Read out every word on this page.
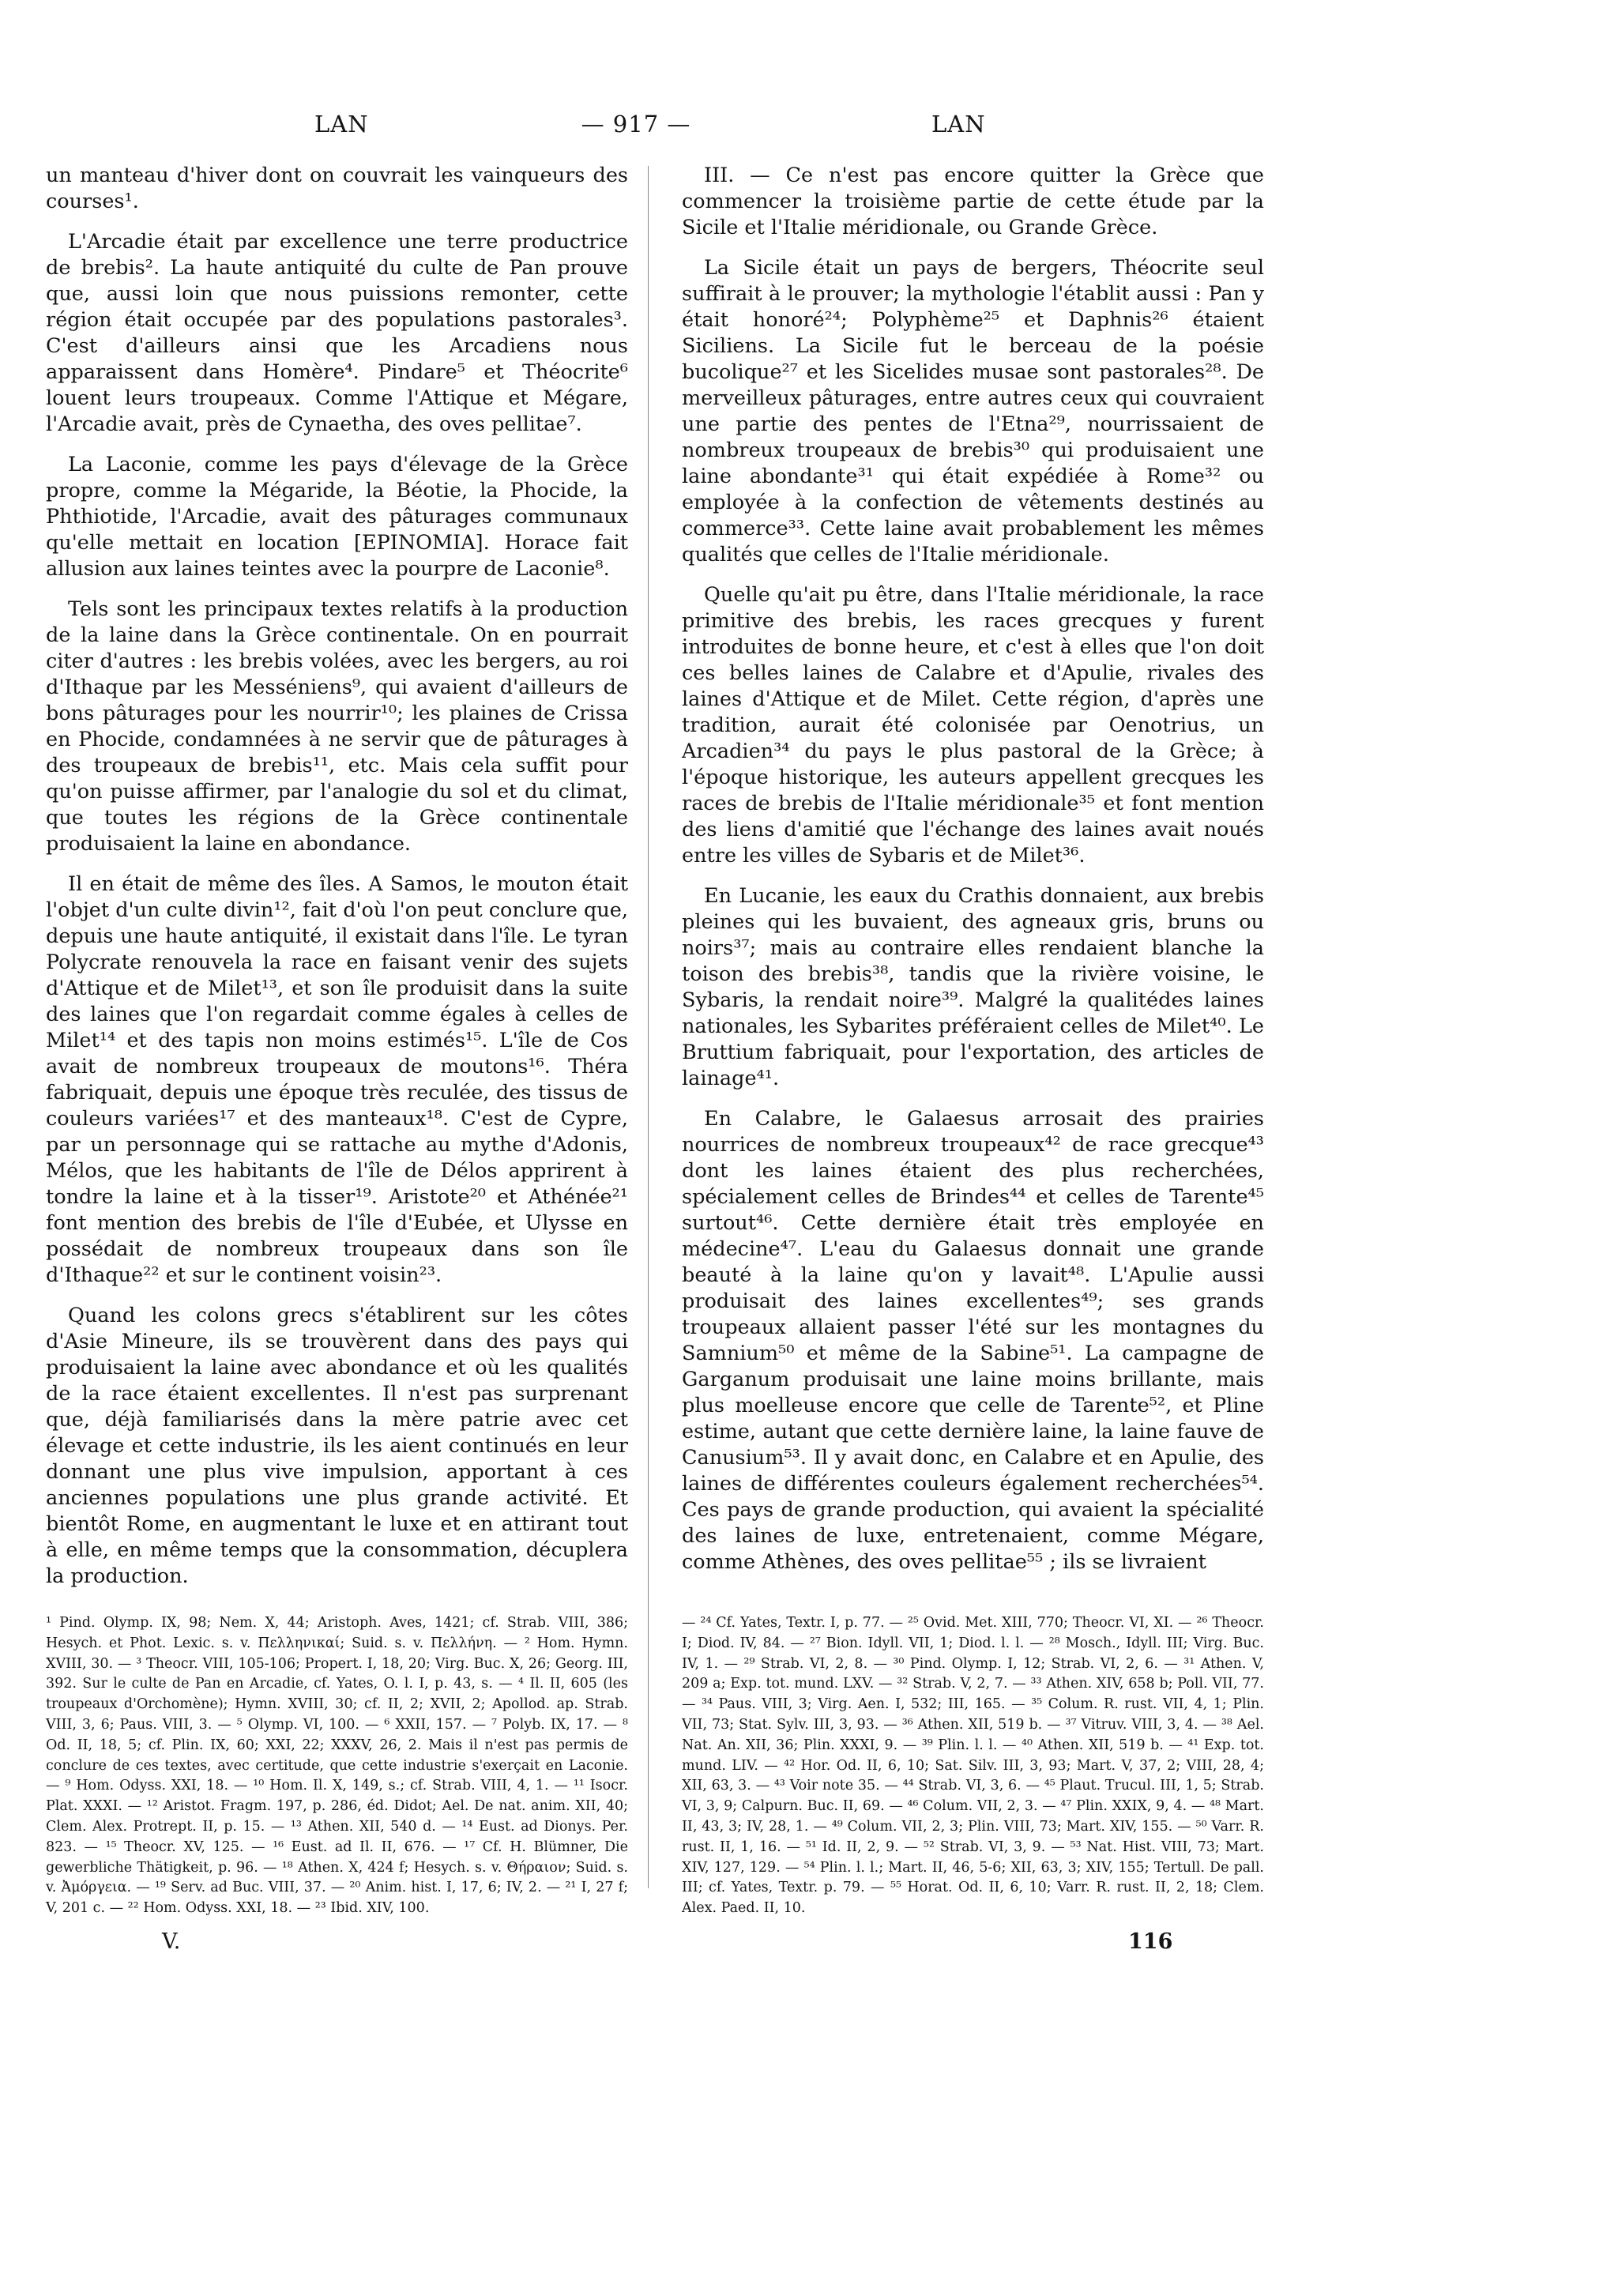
LAN	— 917 —	LAN

un manteau d'hiver dont on couvrait les vainqueurs des courses¹.

L'Arcadie était par excellence une terre productrice de brebis². La haute antiquité du culte de Pan prouve que, aussi loin que nous puissions remonter, cette région était occupée par des populations pastorales³. C'est d'ailleurs ainsi que les Arcadiens nous apparaissent dans Homère⁴. Pindare⁵ et Théocrite⁶ louent leurs troupeaux. Comme l'Attique et Mégare, l'Arcadie avait, près de Cynaetha, des oves pellitae⁷.

La Laconie, comme les pays d'élevage de la Grèce propre, comme la Mégaride, la Béotie, la Phocide, la Phthiotide, l'Arcadie, avait des pâturages communaux qu'elle mettait en location [EPINOMIA]. Horace fait allusion aux laines teintes avec la pourpre de Laconie⁸.

Tels sont les principaux textes relatifs à la production de la laine dans la Grèce continentale. On en pourrait citer d'autres : les brebis volées, avec les bergers, au roi d'Ithaque par les Messéniens⁹, qui avaient d'ailleurs de bons pâturages pour les nourrir¹⁰; les plaines de Crissa en Phocide, condamnées à ne servir que de pâturages à des troupeaux de brebis¹¹, etc. Mais cela suffit pour qu'on puisse affirmer, par l'analogie du sol et du climat, que toutes les régions de la Grèce continentale produisaient la laine en abondance.

Il en était de même des îles. A Samos, le mouton était l'objet d'un culte divin¹², fait d'où l'on peut conclure que, depuis une haute antiquité, il existait dans l'île. Le tyran Polycrate renouvela la race en faisant venir des sujets d'Attique et de Milet¹³, et son île produisit dans la suite des laines que l'on regardait comme égales à celles de Milet¹⁴ et des tapis non moins estimés¹⁵. L'île de Cos avait de nombreux troupeaux de moutons¹⁶. Théra fabriquait, depuis une époque très reculée, des tissus de couleurs variées¹⁷ et des manteaux¹⁸. C'est de Cypre, par un personnage qui se rattache au mythe d'Adonis, Mélos, que les habitants de l'île de Délos apprirent à tondre la laine et à la tisser¹⁹. Aristote²⁰ et Athénée²¹ font mention des brebis de l'île d'Eubée, et Ulysse en possédait de nombreux troupeaux dans son île d'Ithaque²² et sur le continent voisin²³.

Quand les colons grecs s'établirent sur les côtes d'Asie Mineure, ils se trouvèrent dans des pays qui produisaient la laine avec abondance et où les qualités de la race étaient excellentes. Il n'est pas surprenant que, déjà familiarisés dans la mère patrie avec cet élevage et cette industrie, ils les aient continués en leur donnant une plus vive impulsion, apportant à ces anciennes populations une plus grande activité. Et bientôt Rome, en augmentant le luxe et en attirant tout à elle, en même temps que la consommation, décuplera la production.

III. — Ce n'est pas encore quitter la Grèce que commencer la troisième partie de cette étude par la Sicile et l'Italie méridionale, ou Grande Grèce.

La Sicile était un pays de bergers, Théocrite seul suffirait à le prouver; la mythologie l'établit aussi : Pan y était honoré²⁴; Polyphème²⁵ et Daphnis²⁶ étaient Siciliens. La Sicile fut le berceau de la poésie bucolique²⁷ et les Sicelides musae sont pastorales²⁸. De merveilleux pâturages, entre autres ceux qui couvraient une partie des pentes de l'Etna²⁹, nourrissaient de nombreux troupeaux de brebis³⁰ qui produisaient une laine abondante³¹ qui était expédiée à Rome³² ou employée à la confection de vêtements destinés au commerce³³. Cette laine avait probablement les mêmes qualités que celles de l'Italie méridionale.

Quelle qu'ait pu être, dans l'Italie méridionale, la race primitive des brebis, les races grecques y furent introduites de bonne heure, et c'est à elles que l'on doit ces belles laines de Calabre et d'Apulie, rivales des laines d'Attique et de Milet. Cette région, d'après une tradition, aurait été colonisée par Oenotrius, un Arcadien³⁴ du pays le plus pastoral de la Grèce; à l'époque historique, les auteurs appellent grecques les races de brebis de l'Italie méridionale³⁵ et font mention des liens d'amitié que l'échange des laines avait noués entre les villes de Sybaris et de Milet³⁶.

En Lucanie, les eaux du Crathis donnaient, aux brebis pleines qui les buvaient, des agneaux gris, bruns ou noirs³⁷; mais au contraire elles rendaient blanche la toison des brebis³⁸, tandis que la rivière voisine, le Sybaris, la rendait noire³⁹. Malgré la qualitédes laines nationales, les Sybarites préféraient celles de Milet⁴⁰. Le Bruttium fabriquait, pour l'exportation, des articles de lainage⁴¹.

En Calabre, le Galaesus arrosait des prairies nourrices de nombreux troupeaux⁴² de race grecque⁴³ dont les laines étaient des plus recherchées, spécialement celles de Brindes⁴⁴ et celles de Tarente⁴⁵ surtout⁴⁶. Cette dernière était très employée en médecine⁴⁷. L'eau du Galaesus donnait une grande beauté à la laine qu'on y lavait⁴⁸. L'Apulie aussi produisait des laines excellentes⁴⁹; ses grands troupeaux allaient passer l'été sur les montagnes du Samnium⁵⁰ et même de la Sabine⁵¹. La campagne de Garganum produisait une laine moins brillante, mais plus moelleuse encore que celle de Tarente⁵², et Pline estime, autant que cette dernière laine, la laine fauve de Canusium⁵³. Il y avait donc, en Calabre et en Apulie, des laines de différentes couleurs également recherchées⁵⁴. Ces pays de grande production, qui avaient la spécialité des laines de luxe, entretenaient, comme Mégare, comme Athènes, des oves pellitae⁵⁵ ; ils se livraient

¹ Pind. Olymp. IX, 98; Nem. X, 44; Aristoph. Aves, 1421; cf. Strab. VIII, 386; Hesych. et Phot. Lexic. s. v. Πελληνικαί; Suid. s. v. Πελλήνη. — ² Hom. Hymn. XVIII, 30. — ³ Theocr. VIII, 105-106; Propert. I, 18, 20; Virg. Buc. X, 26; Georg. III, 392. Sur le culte de Pan en Arcadie, cf. Yates, O. l. I, p. 43, s. — ⁴ Il. II, 605 (les troupeaux d'Orchomène); Hymn. XVIII, 30; cf. II, 2; XVII, 2; Apollod. ap. Strab. VIII, 3, 6; Paus. VIII, 3. — ⁵ Olymp. VI, 100. — ⁶ XXII, 157. — ⁷ Polyb. IX, 17. — ⁸ Od. II, 18, 5; cf. Plin. IX, 60; XXI, 22; XXXV, 26, 2. Mais il n'est pas permis de conclure de ces textes, avec certitude, que cette industrie s'exerçait en Laconie. — ⁹ Hom. Odyss. XXI, 18. — ¹⁰ Hom. Il. X, 149, s.; cf. Strab. VIII, 4, 1. — ¹¹ Isocr. Plat. XXXI. — ¹² Aristot. Fragm. 197, p. 286, éd. Didot; Ael. De nat. anim. XII, 40; Clem. Alex. Protrept. II, p. 15. — ¹³ Athen. XII, 540 d. — ¹⁴ Eust. ad Dionys. Per. 823. — ¹⁵ Theocr. XV, 125. — ¹⁶ Eust. ad Il. II, 676. — ¹⁷ Cf. H. Blümner, Die gewerbliche Thätigkeit, p. 96. — ¹⁸ Athen. X, 424 f; Hesych. s. v. Θήραιον; Suid. s. v. Ἀμόργεια. — ¹⁹ Serv. ad Buc. VIII, 37. — ²⁰ Anim. hist. I, 17, 6; IV, 2. — ²¹ I, 27 f; V, 201 c. — ²² Hom. Odyss. XXI, 18. — ²³ Ibid. XIV, 100.
— ²⁴ Cf. Yates, Textr. I, p. 77. — ²⁵ Ovid. Met. XIII, 770; Theocr. VI, XI. — ²⁶ Theocr. I; Diod. IV, 84. — ²⁷ Bion. Idyll. VII, 1; Diod. l. l. — ²⁸ Mosch., Idyll. III; Virg. Buc. IV, 1. — ²⁹ Strab. VI, 2, 8. — ³⁰ Pind. Olymp. I, 12; Strab. VI, 2, 6. — ³¹ Athen. V, 209 a; Exp. tot. mund. LXV. — ³² Strab. V, 2, 7. — ³³ Athen. XIV, 658 b; Poll. VII, 77. — ³⁴ Paus. VIII, 3; Virg. Aen. I, 532; III, 165. — ³⁵ Colum. R. rust. VII, 4, 1; Plin. VII, 73; Stat. Sylv. III, 3, 93. — ³⁶ Athen. XII, 519 b. — ³⁷ Vitruv. VIII, 3, 4. — ³⁸ Ael. Nat. An. XII, 36; Plin. XXXI, 9. — ³⁹ Plin. l. l. — ⁴⁰ Athen. XII, 519 b. — ⁴¹ Exp. tot. mund. LIV. — ⁴² Hor. Od. II, 6, 10; Sat. Silv. III, 3, 93; Mart. V, 37, 2; VIII, 28, 4; XII, 63, 3. — ⁴³ Voir note 35. — ⁴⁴ Strab. VI, 3, 6. — ⁴⁵ Plaut. Trucul. III, 1, 5; Strab. VI, 3, 9; Calpurn. Buc. II, 69. — ⁴⁶ Colum. VII, 2, 3. — ⁴⁷ Plin. XXIX, 9, 4. — ⁴⁸ Mart. II, 43, 3; IV, 28, 1. — ⁴⁹ Colum. VII, 2, 3; Plin. VIII, 73; Mart. XIV, 155. — ⁵⁰ Varr. R. rust. II, 1, 16. — ⁵¹ Id. II, 2, 9. — ⁵² Strab. VI, 3, 9. — ⁵³ Nat. Hist. VIII, 73; Mart. XIV, 127, 129. — ⁵⁴ Plin. l. l.; Mart. II, 46, 5-6; XII, 63, 3; XIV, 155; Tertull. De pall. III; cf. Yates, Textr. p. 79. — ⁵⁵ Horat. Od. II, 6, 10; Varr. R. rust. II, 2, 18; Clem. Alex. Paed. II, 10.
V.	116
